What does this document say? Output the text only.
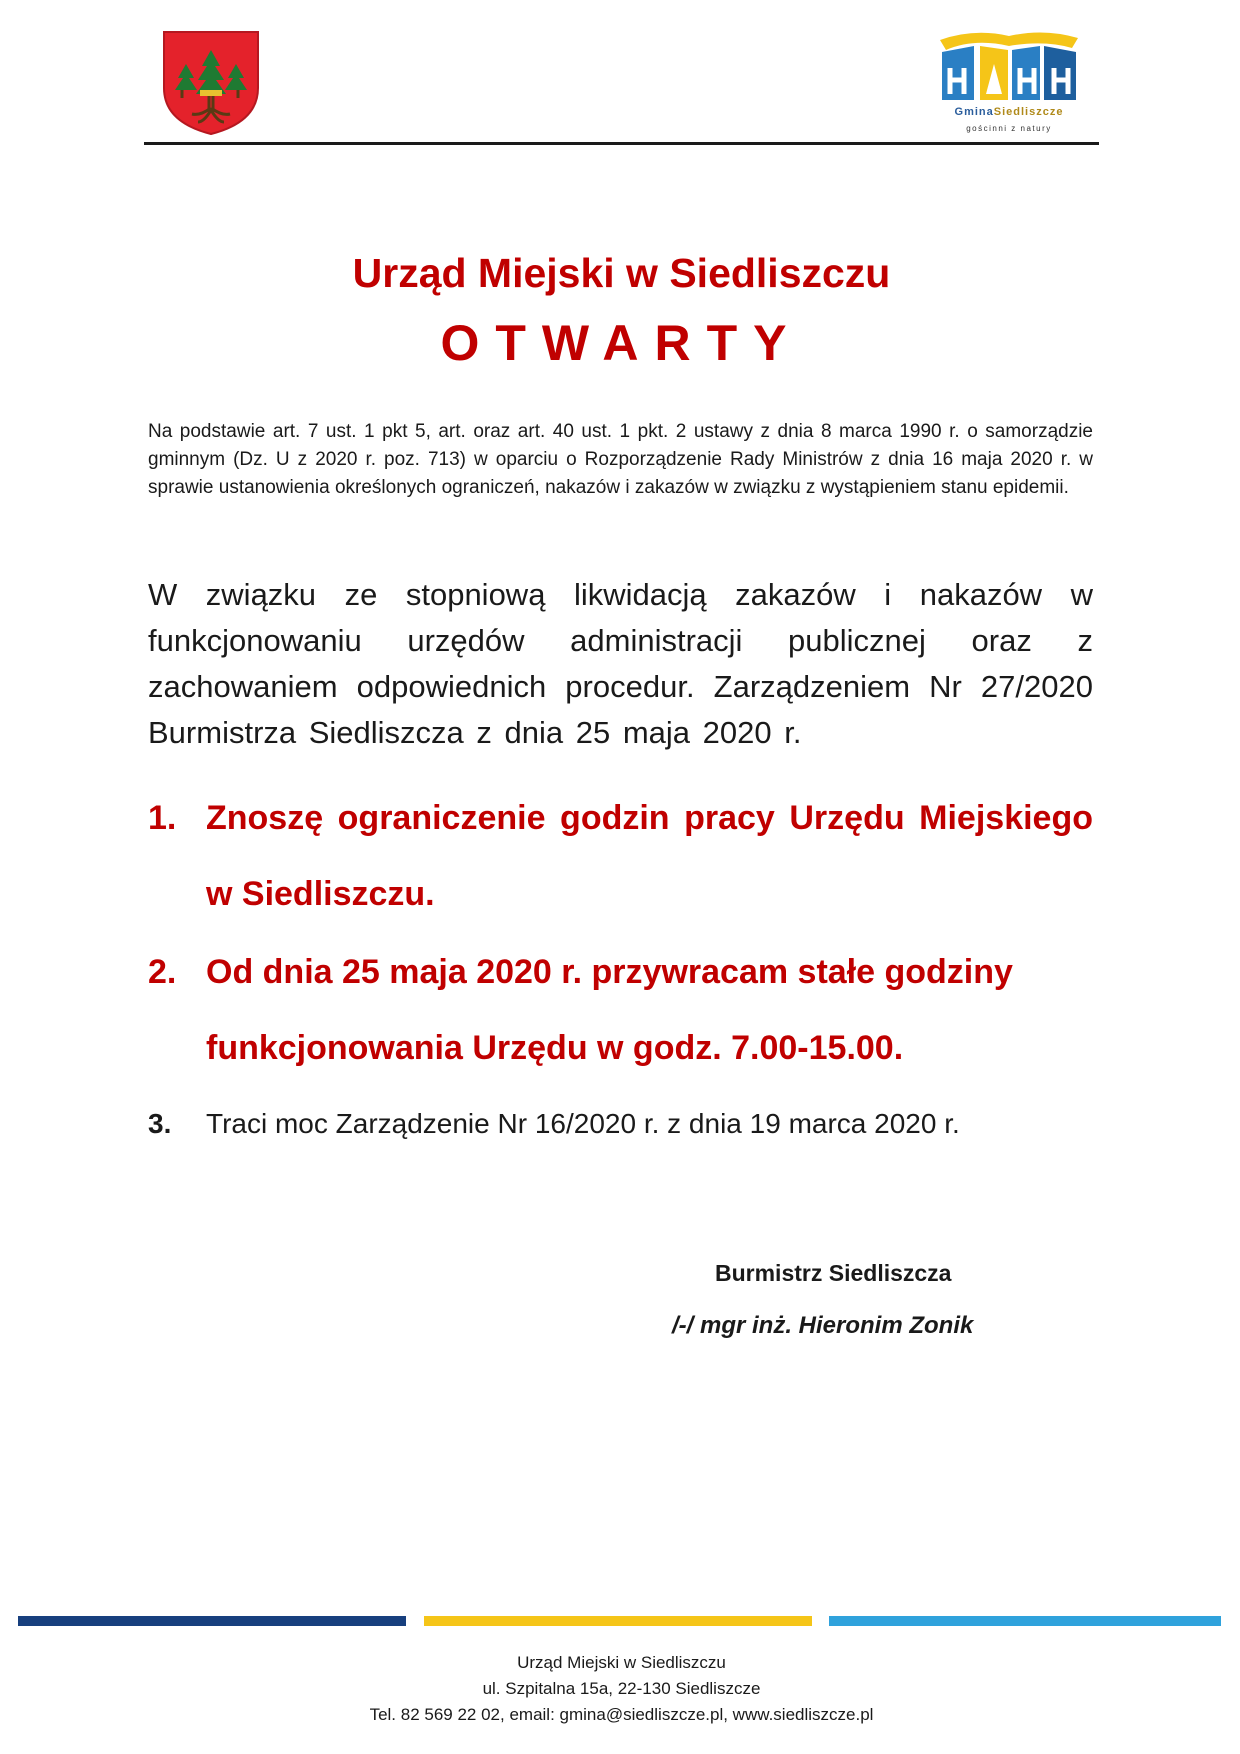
GminaSiedliszcze
gościnni z natury
Urząd Miejski w Siedliszczu
OTWARTY
Na podstawie art. 7 ust. 1 pkt 5, art. oraz art. 40 ust. 1 pkt. 2 ustawy z dnia 8 marca 1990 r. o samorządzie gminnym (Dz. U z 2020 r. poz. 713) w oparciu o Rozporządzenie Rady Ministrów z dnia 16 maja 2020 r. w sprawie ustanowienia określonych ograniczeń, nakazów i zakazów w związku z wystąpieniem stanu epidemii.
W związku ze stopniową likwidacją zakazów i nakazów w funkcjonowaniu urzędów administracji publicznej oraz z zachowaniem odpowiednich procedur. Zarządzeniem Nr 27/2020 Burmistrza Siedliszcza z dnia 25 maja 2020 r.
1. Znoszę ograniczenie godzin pracy Urzędu Miejskiego w Siedliszczu.
2. Od dnia 25 maja 2020 r. przywracam stałe godziny funkcjonowania Urzędu w godz. 7.00-15.00.
3.	Traci moc Zarządzenie Nr 16/2020 r. z dnia 19 marca 2020 r.
Burmistrz Siedliszcza
/-/ mgr inż. Hieronim Zonik
Urząd Miejski w Siedliszczu
ul. Szpitalna 15a, 22-130 Siedliszcze
Tel. 82 569 22 02, email: gmina@siedliszcze.pl, www.siedliszcze.pl
